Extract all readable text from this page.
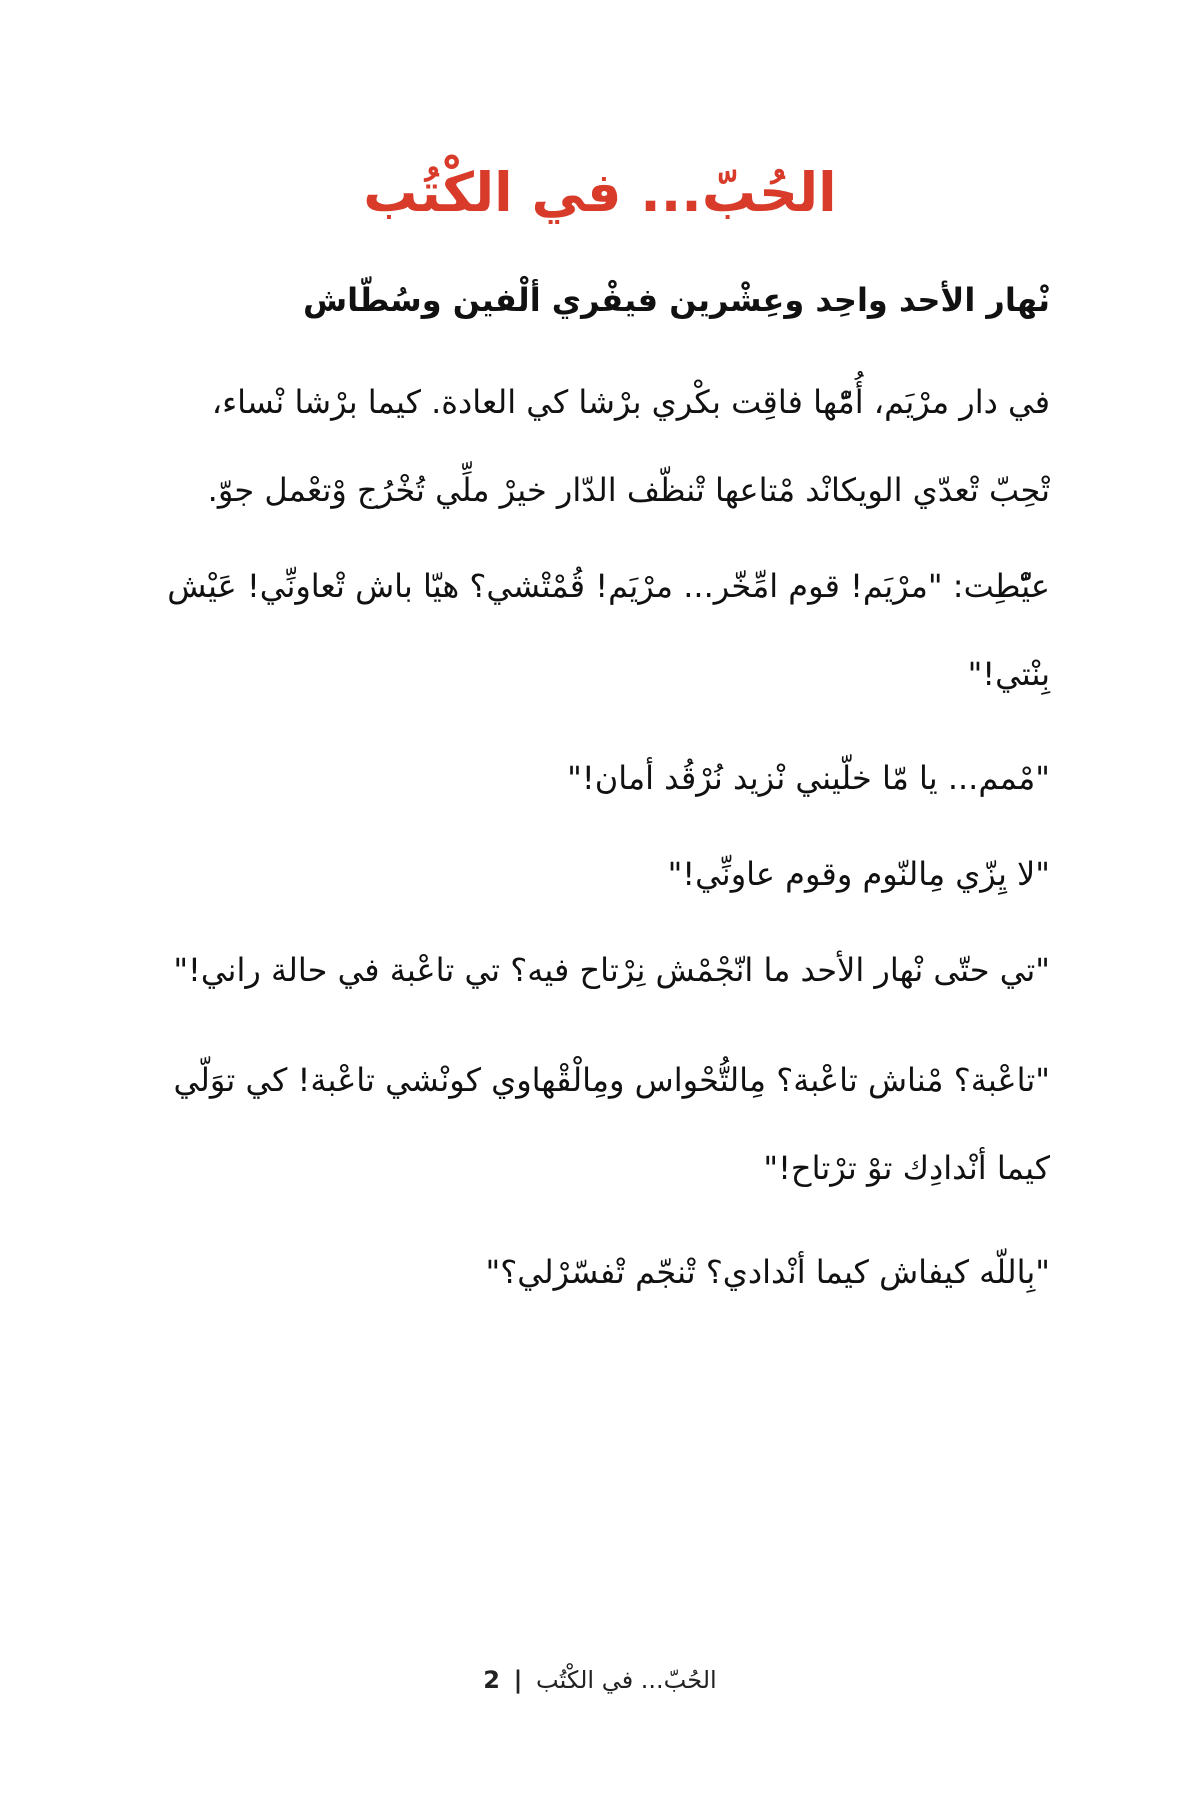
الحُبّ... في الكْتُب
نْهار الأحد واحِد وعِشْرين فيفْري ألْفين وسُطّاش

في دار مرْيَم، أُمّْها فاقِت بكْري برْشا كي العادة. كيما برْشا نْساء، تْحِبّ تْعدّي الويكانْد مْتاعها تْنظّف الدّار خيرْ ملِّي تُخْرُج وْتعْمل جوّ.

عيّْطِت: "مرْيَم! قوم امِّخّر... مرْيَم! قُمْتْشي؟ هيّا باش تْعاونِّي! عَيْش بِنْتي!"

"مْمم... يا مّا خلّيني نْزيد نُرْقُد أمان!"

"لا يِزّي مِالنّوم وقوم عاونِّي!"

"تي حتّى نْهار الأحد ما انّجْمْش نِرْتاح فيه؟ تي تاعْبة في حالة راني!"

"تاعْبة؟ مْناش تاعْبة؟ مِالتُّحْواس ومِالْقْهاوي كونْشي تاعْبة! كي توَلّي كيما أنْدادِك توْ ترْتاح!"

"بِاللّه كيفاش كيما أنْدادي؟ تْنجّم تْفسّرْلي؟"

الحُبّ... في الكْتُب | 2
